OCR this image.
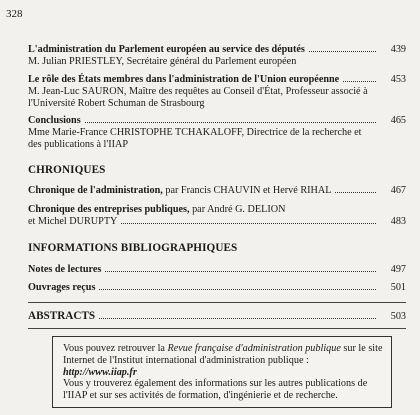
328
L'administration du Parlement européen au service des députés	439
M. Julian PRIESTLEY, Secrétaire général du Parlement européen
Le rôle des États membres dans l'administration de l'Union européenne	453
M. Jean-Luc SAURON, Maître des requêtes au Conseil d'État, Professeur associé à l'Université Robert Schuman de Strasbourg
Conclusions	465
Mme Marie-France CHRISTOPHE TCHAKALOFF, Directrice de la recherche et des publications à l'IIAP
CHRONIQUES
Chronique de l'administration, par Francis CHAUVIN et Hervé RIHAL	467
Chronique des entreprises publiques, par André G. DELION
et Michel DURUPTY	483
INFORMATIONS BIBLIOGRAPHIQUES
Notes de lectures	497
Ouvrages reçus	501
ABSTRACTS	503
Vous pouvez retrouver la Revue française d'administration publique sur le site
Internet de l'Institut international d'administration publique : http://www.iiap.fr
Vous y trouverez également des informations sur les autres publications de
l'IIAP et sur ses activités de formation, d'ingénierie et de recherche.
